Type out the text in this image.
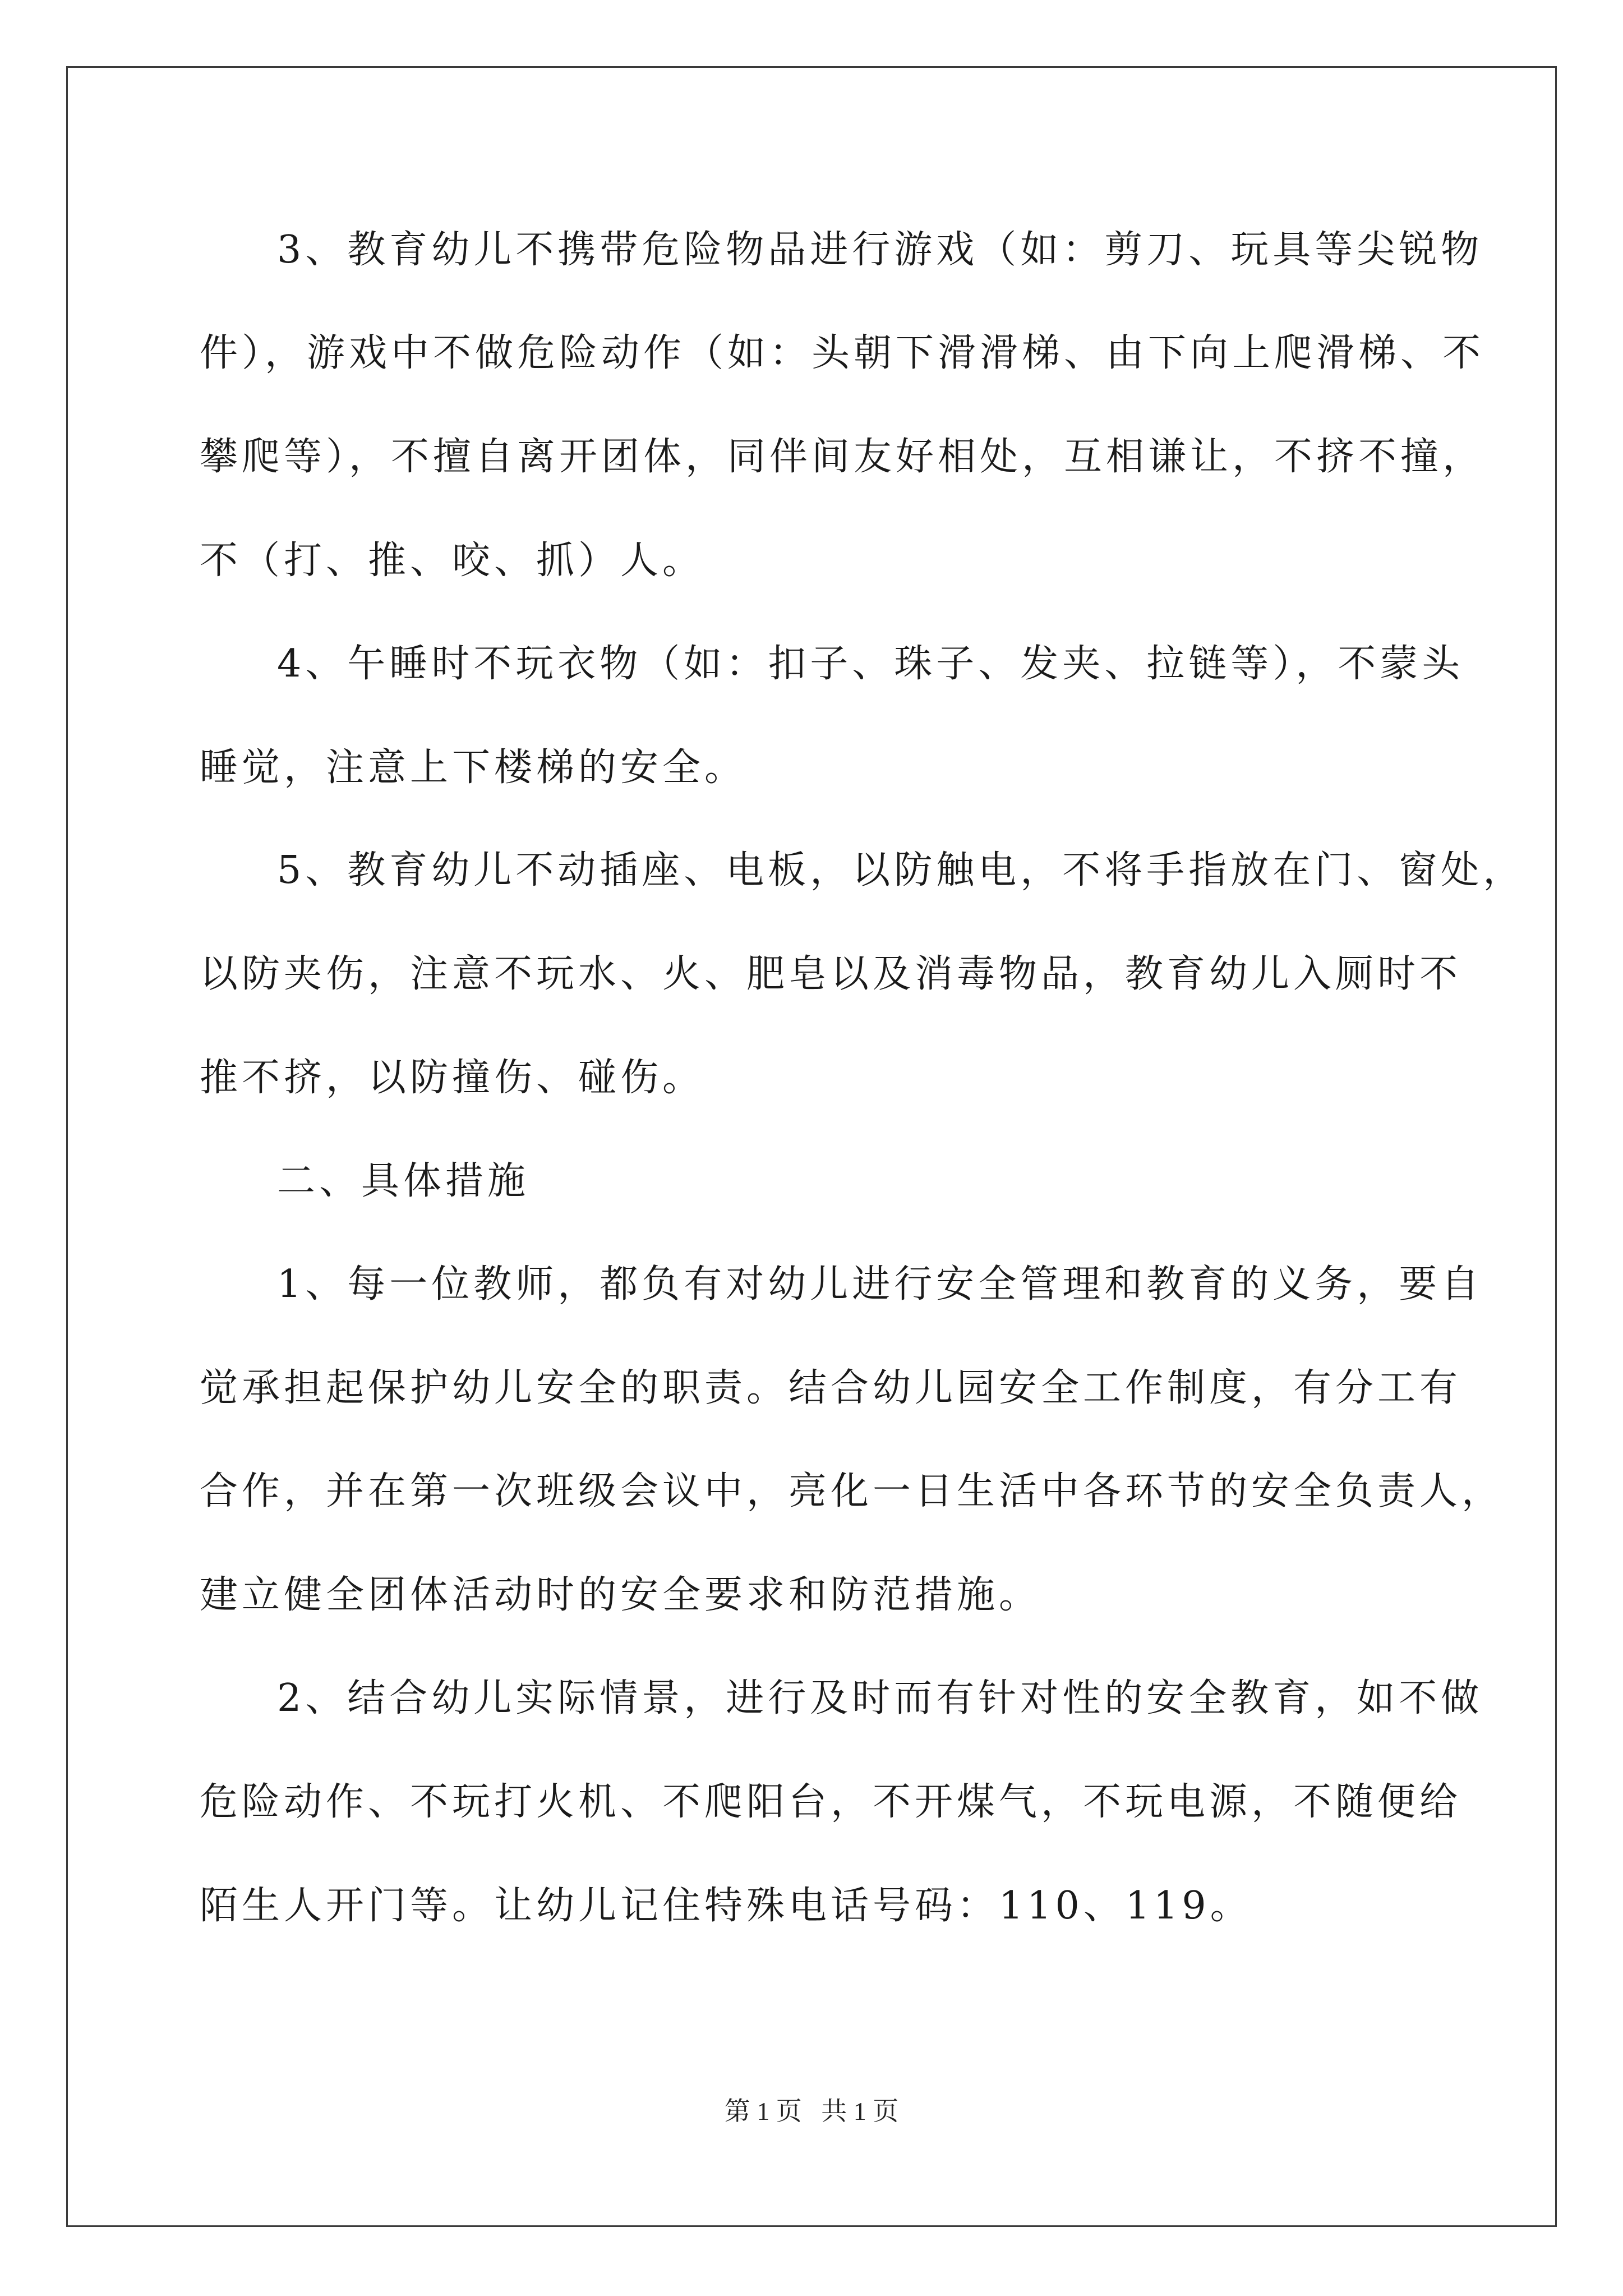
3、教育幼儿不携带危险物品进行游戏（如：剪刀、玩具等尖锐物
件），游戏中不做危险动作（如：头朝下滑滑梯、由下向上爬滑梯、不
攀爬等），不擅自离开团体，同伴间友好相处，互相谦让，不挤不撞，
不（打、推、咬、抓）人。
4、午睡时不玩衣物（如：扣子、珠子、发夹、拉链等），不蒙头
睡觉，注意上下楼梯的安全。
5、教育幼儿不动插座、电板，以防触电，不将手指放在门、窗处，
以防夹伤，注意不玩水、火、肥皂以及消毒物品，教育幼儿入厕时不
推不挤，以防撞伤、碰伤。
二、具体措施
1、每一位教师，都负有对幼儿进行安全管理和教育的义务，要自
觉承担起保护幼儿安全的职责。结合幼儿园安全工作制度，有分工有
合作，并在第一次班级会议中，亮化一日生活中各环节的安全负责人，
建立健全团体活动时的安全要求和防范措施。
2、结合幼儿实际情景，进行及时而有针对性的安全教育，如不做
危险动作、不玩打火机、不爬阳台，不开煤气，不玩电源，不随便给
陌生人开门等。让幼儿记住特殊电话号码：110、119。
第 1 页   共 1 页
